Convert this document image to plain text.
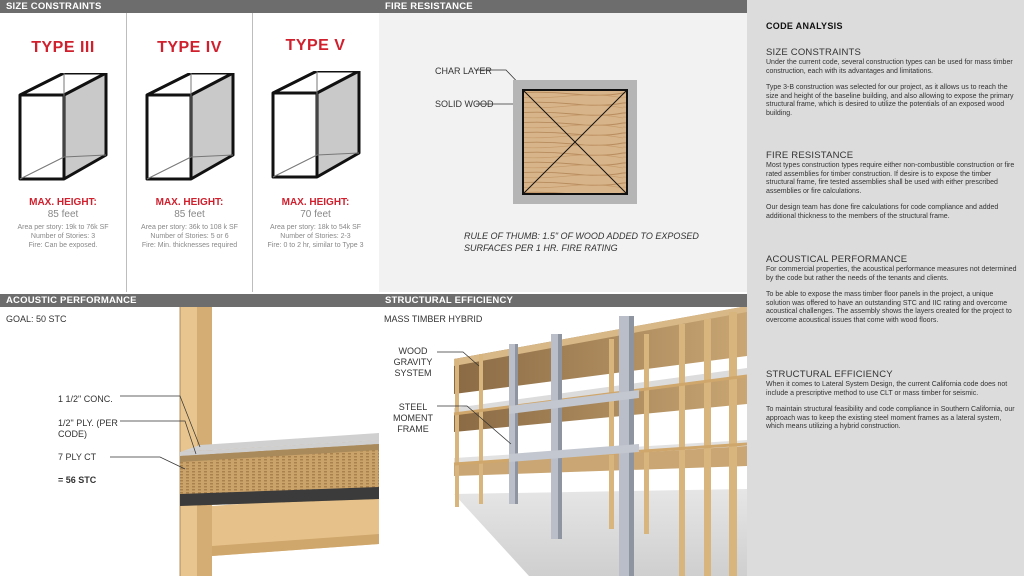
SIZE CONSTRAINTS
TYPE III
MAX. HEIGHT:
85 feet
Area per story: 19k to 76k SF
Number of Stories: 3
Fire: Can be exposed.
TYPE IV
MAX. HEIGHT:
85 feet
Area per story: 36k to 108 k SF
Number of Stories: 5 or 6
Fire: Min. thicknesses required
TYPE V
MAX. HEIGHT:
70 feet
Area per story: 18k to 54k SF
Number of Stories: 2-3
Fire: 0 to 2 hr, similar to Type 3
FIRE RESISTANCE
CHAR LAYER
SOLID WOOD
RULE OF THUMB: 1.5" OF WOOD ADDED TO EXPOSED SURFACES PER 1 HR. FIRE RATING
ACOUSTIC PERFORMANCE
GOAL: 50 STC
1 1/2" CONC.
1/2" PLY. (PER CODE)
7 PLY CT
= 56 STC
STRUCTURAL EFFICIENCY
MASS TIMBER HYBRID
WOOD GRAVITY SYSTEM
STEEL MOMENT FRAME
CODE ANALYSIS
SIZE CONSTRAINTS
Under the current code, several construction types can be used for mass timber construction, each with its advantages and limitations.
Type 3-B construction was selected for our project, as it allows us to reach the size and height of the baseline building, and also allowing to expose the primary structural frame, which is desired to utilize the potentials of an exposed wood building.
FIRE RESISTANCE
Most types construction types require either non-combustible construction or fire rated assemblies for timber construction. If desire is to expose the timber structural frame, fire tested assemblies shall be used with either prescribed assemblies or fire calculations.
Our design team has done fire calculations for code compliance and added additional thickness to the members of the structural frame.
ACOUSTICAL PERFORMANCE
For commercial properties, the acoustical performance measures not determined by the code but rather the needs of the tenants and clients.
To be able to expose the mass timber floor panels in the project, a unique solution was offered to have an outstanding STC and IIC rating and overcome acoustical challenges. The assembly shows the layers created for the project to overcome acoustical issues that come with wood floors.
STRUCTURAL EFFICIENCY
When it comes to Lateral System Design, the current California code does not include a prescriptive method to use CLT or mass timber for seismic.
To maintain structural feasibility and code compliance in Southern California, our approach was to keep the existing steel moment frames as a lateral system, which means utilizing a hybrid construction.
